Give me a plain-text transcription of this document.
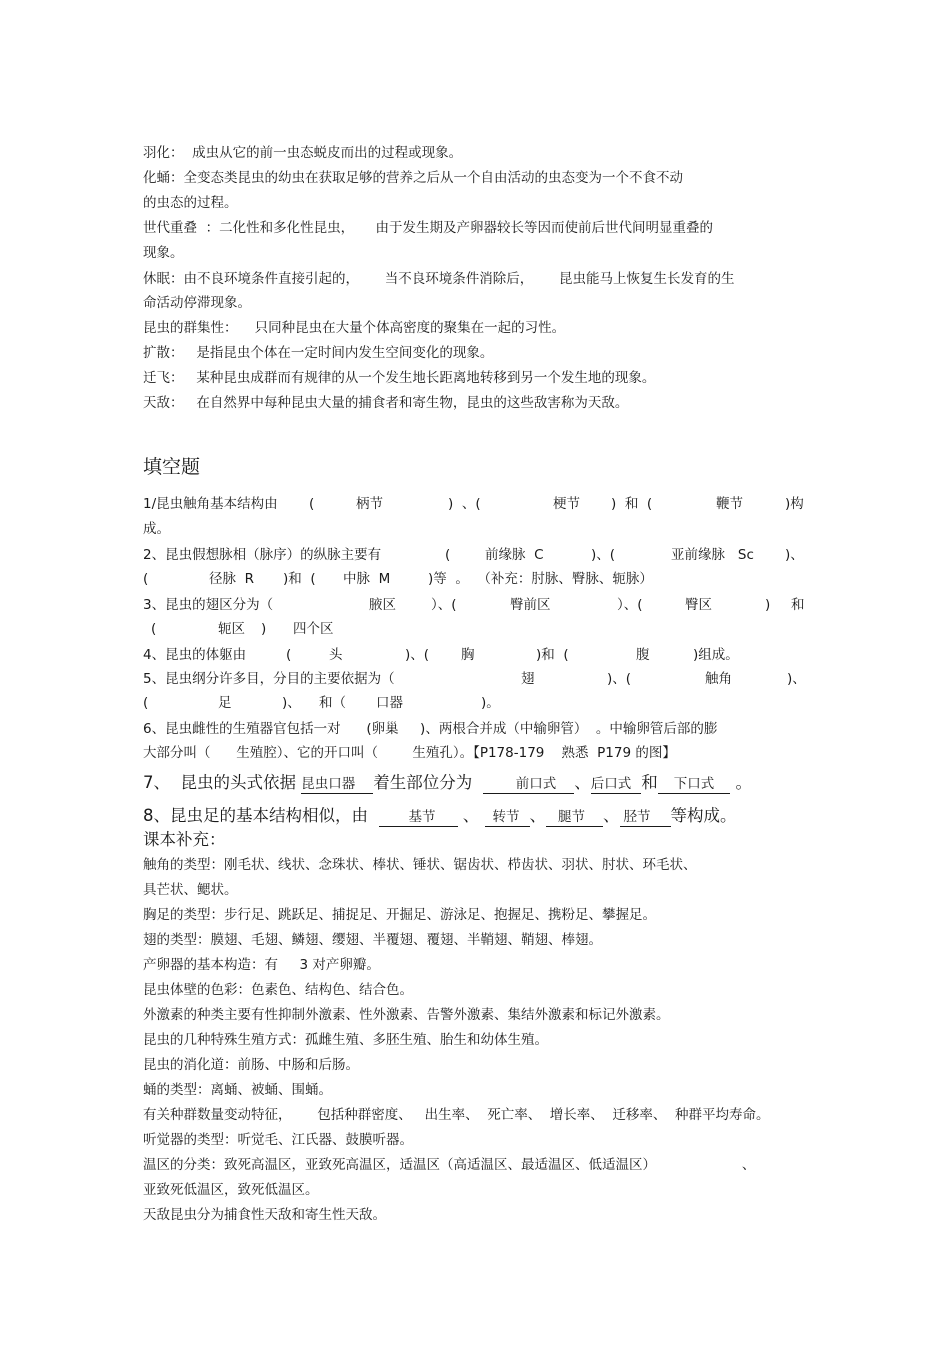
羽化：  成虫从它的前一虫态蜕皮而出的过程或现象。
化蛹：全变态类昆虫的幼虫在获取足够的营养之后从一个自由活动的虫态变为一个不食不动
的虫态的过程。
世代重叠  ：二化性和多化性昆虫，     由于发生期及产卵器较长等因而使前后世代间明显重叠的
现象。
休眠：由不良环境条件直接引起的，      当不良环境条件消除后，      昆虫能马上恢复生长发育的生
命活动停滞现象。
昆虫的群集性：    只同种昆虫在大量个体高密度的聚集在一起的习性。
扩散：   是指昆虫个体在一定时间内发生空间变化的现象。
迁飞：   某种昆虫成群而有规律的从一个发生地长距离地转移到另一个发生地的现象。
天敌：   在自然界中每种昆虫大量的捕食者和寄生物，昆虫的这些敌害称为天敌。
填空题

1/昆虫触角基本结构由

(

	柄节

	)  、(

	梗节

)  和  (

	鞭节

	)构

成。

2、昆虫假想脉相（脉序）的纵脉主要有

	(

	前缘脉  C

	)、(

	亚前缘脉   Sc

)、

(

	径脉  R

)和  (

中脉  M

	)等  。  （补充：肘脉、臀脉、轭脉）

3、昆虫的翅区分为（

	腋区

	）、(

	臀前区

	）、(

	臀区

	)

和

(

	轭区

)

四个区

4、昆虫的体躯由

	(

	头

	)、(

胸

	)和  (

	腹

	)组成。

5、昆虫纲分许多目，分目的主要依据为（

	翅

	)、(

	触角

	)、

(

	足

	)、

和（

口器

	)。

6、昆虫雌性的生殖器官包括一对      (卵巢     )、两根合并成（中输卵管）  。中输卵管后部的膨
大部分叫（      生殖腔）、它的开口叫（        生殖孔）。【P178-179    熟悉  P179 的图】
7、  昆虫的头式依据 昆虫口器 着生部位分为	前口式 、后口式 和 下口式 。
8、昆虫足的基本结构相似，由	基节 、 转节 、 腿节 、 胫节 等构成。
课本补充：
触角的类型：刚毛状、线状、念珠状、棒状、锤状、锯齿状、栉齿状、羽状、肘状、环毛状、
具芒状、鳃状。
胸足的类型：步行足、跳跃足、捕捉足、开掘足、游泳足、抱握足、携粉足、攀握足。
翅的类型：膜翅、毛翅、鳞翅、缨翅、半覆翅、覆翅、半鞘翅、鞘翅、棒翅。
产卵器的基本构造：有     3 对产卵瓣。
昆虫体壁的色彩：色素色、结构色、结合色。
外激素的种类主要有性抑制外激素、性外激素、告警外激素、集结外激素和标记外激素。
昆虫的几种特殊生殖方式：孤雌生殖、多胚生殖、胎生和幼体生殖。
昆虫的消化道：前肠、中肠和后肠。
蛹的类型：离蛹、被蛹、围蛹。
有关种群数量变动特征，      包括种群密度、   出生率、  死亡率、  增长率、  迁移率、  种群平均寿命。
听觉器的类型：听觉毛、江氏器、鼓膜听器。
温区的分类：致死高温区，亚致死高温区，适温区（高适温区、最适温区、低适温区）                    、
亚致死低温区，致死低温区。
天敌昆虫分为捕食性天敌和寄生性天敌。
